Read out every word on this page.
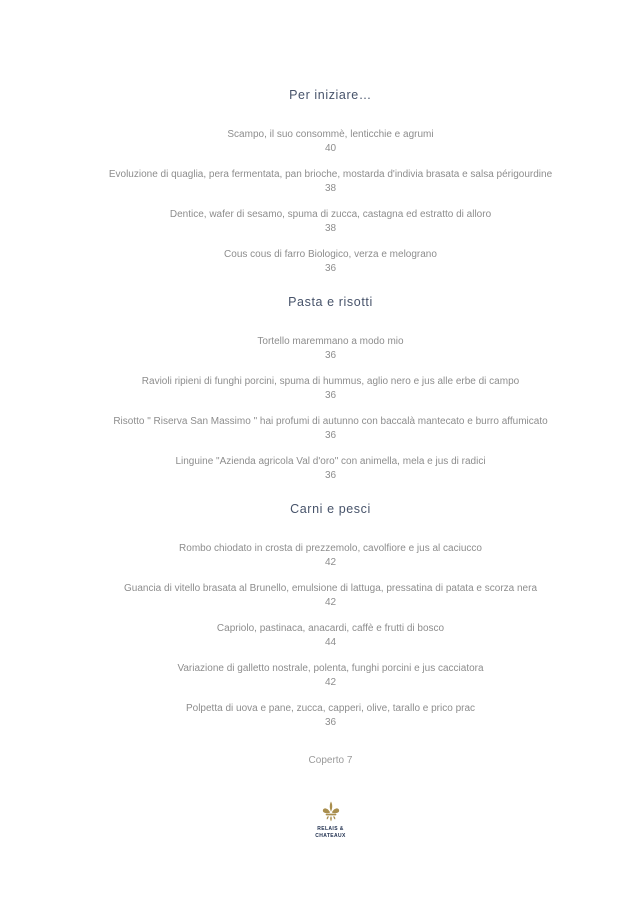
Per iniziare…
Scampo, il suo consommè, lenticchie e agrumi
40
Evoluzione di quaglia, pera fermentata, pan brioche, mostarda d'indivia brasata e salsa périgourdine
38
Dentice, wafer di sesamo, spuma di zucca, castagna ed estratto di alloro
38
Cous cous di farro Biologico, verza e melograno
36
Pasta e risotti
Tortello maremmano a modo mio
36
Ravioli ripieni di funghi porcini, spuma di hummus, aglio nero e jus alle erbe di campo
36
Risotto " Riserva San Massimo " hai profumi di autunno con baccalà mantecato e burro affumicato
36
Linguine "Azienda agricola Val d'oro" con animella, mela e jus di radici
36
Carni e pesci
Rombo chiodato in crosta di prezzemolo, cavolfiore e jus al caciucco
42
Guancia di vitello brasata al Brunello, emulsione di lattuga, pressatina di patata e scorza nera
42
Capriolo, pastinaca, anacardi, caffè e frutti di bosco
44
Variazione di galletto nostrale, polenta, funghi porcini e jus cacciatora
42
Polpetta di uova e pane, zucca, capperi, olive, tarallo e prico prac
36
Coperto 7
RELAIS &
CHATEAUX
